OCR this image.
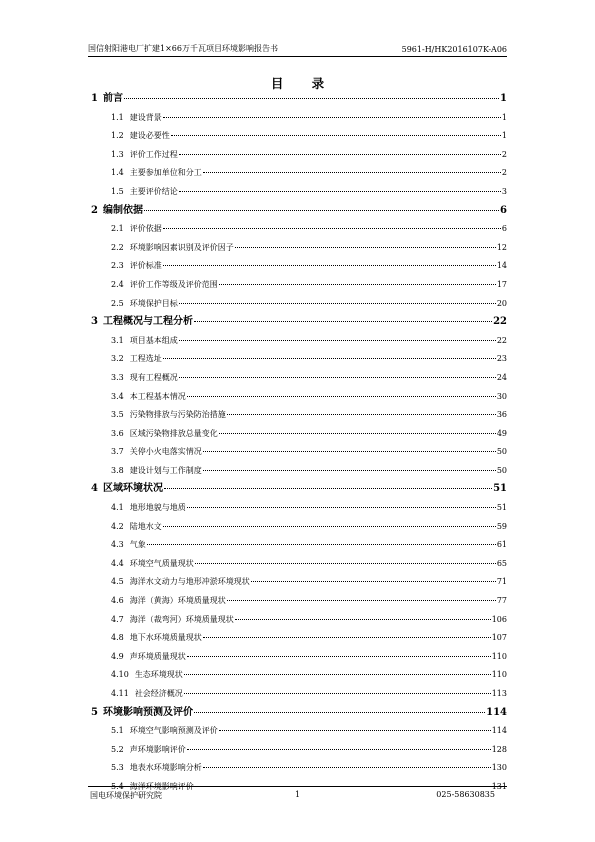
国信射阳港电厂扩建1×66万千瓦项目环境影响报告书	5961-H/HK2016107K-A06
目 录
1 前言	1
1.1 建设背景	1
1.2 建设必要性	1
1.3 评价工作过程	2
1.4 主要参加单位和分工	2
1.5 主要评价结论	3
2 编制依据	6
2.1 评价依据	6
2.2 环境影响因素识别及评价因子	12
2.3 评价标准	14
2.4 评价工作等级及评价范围	17
2.5 环境保护目标	20
3 工程概况与工程分析	22
3.1 项目基本组成	22
3.2 工程选址	23
3.3 现有工程概况	24
3.4 本工程基本情况	30
3.5 污染物排放与污染防治措施	36
3.6 区域污染物排放总量变化	49
3.7 关停小火电落实情况	50
3.8 建设计划与工作制度	50
4 区域环境状况	51
4.1 地形地貌与地质	51
4.2 陆地水文	59
4.3 气象	61
4.4 环境空气质量现状	65
4.5 海洋水文动力与地形冲淤环境现状	71
4.6 海洋（黄海）环境质量现状	77
4.7 海洋（裁弯河）环境质量现状	106
4.8 地下水环境质量现状	107
4.9 声环境质量现状	110
4.10 生态环境现状	110
4.11 社会经济概况	113
5 环境影响预测及评价	114
5.1 环境空气影响预测及评价	114
5.2 声环境影响评价	128
5.3 地表水环境影响分析	130
5.4 海洋环境影响评价	131
国电环境保护研究院	1	025-58630835
